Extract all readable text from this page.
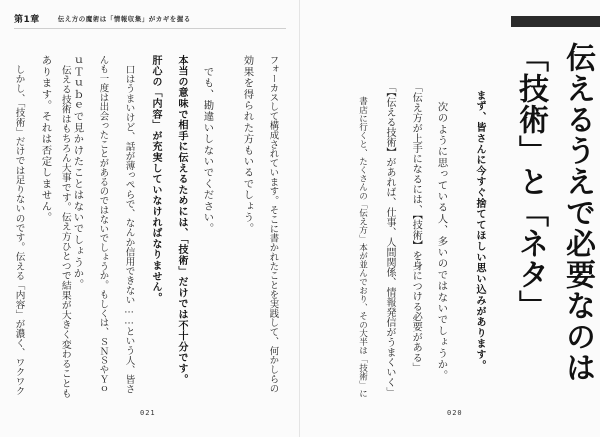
第1章	伝え方の魔術は「情報収集」がカギを握る
伝えるうえで必要なのは
「技術」と「ネタ」
まず、皆さんに今すぐ捨ててほしい思い込みがあります。
　次のように思っている人、多いのではないでしょうか。
「伝え方が上手になるには、【技術】を身につける必要がある」
「【伝える技術】があれば、仕事、人間関係、情報発信がうまくいく」
　書店に行くと、たくさんの「伝え方」本が並んでおり、その大半は「技術」に
フォーカスして構成されています。そこに書かれたことを実践して、何かしらの
効果を得られた方もいるでしょう。
　でも、勘違いしないでください。
本当の意味で相手に伝えるためには、「技術」だけでは不十分です。
肝心の「内容」が充実していなければなりません。
　口はうまいけど、話が薄っぺらで、なんか信用できない……という人、皆さ
んも一度は出会ったことがあるのではないでしょうか。もしくは、ＳＮＳやＹｏ
ｕＴｕｂｅで見かけたことはないでしょうか。
　伝える技術はもちろん大事です。伝え方ひとつで結果が大きく変わることも
あります。それは否定しません。
　しかし、「技術」だけでは足りないのです。伝える「内容」が濃く、ワクワク
021	020
